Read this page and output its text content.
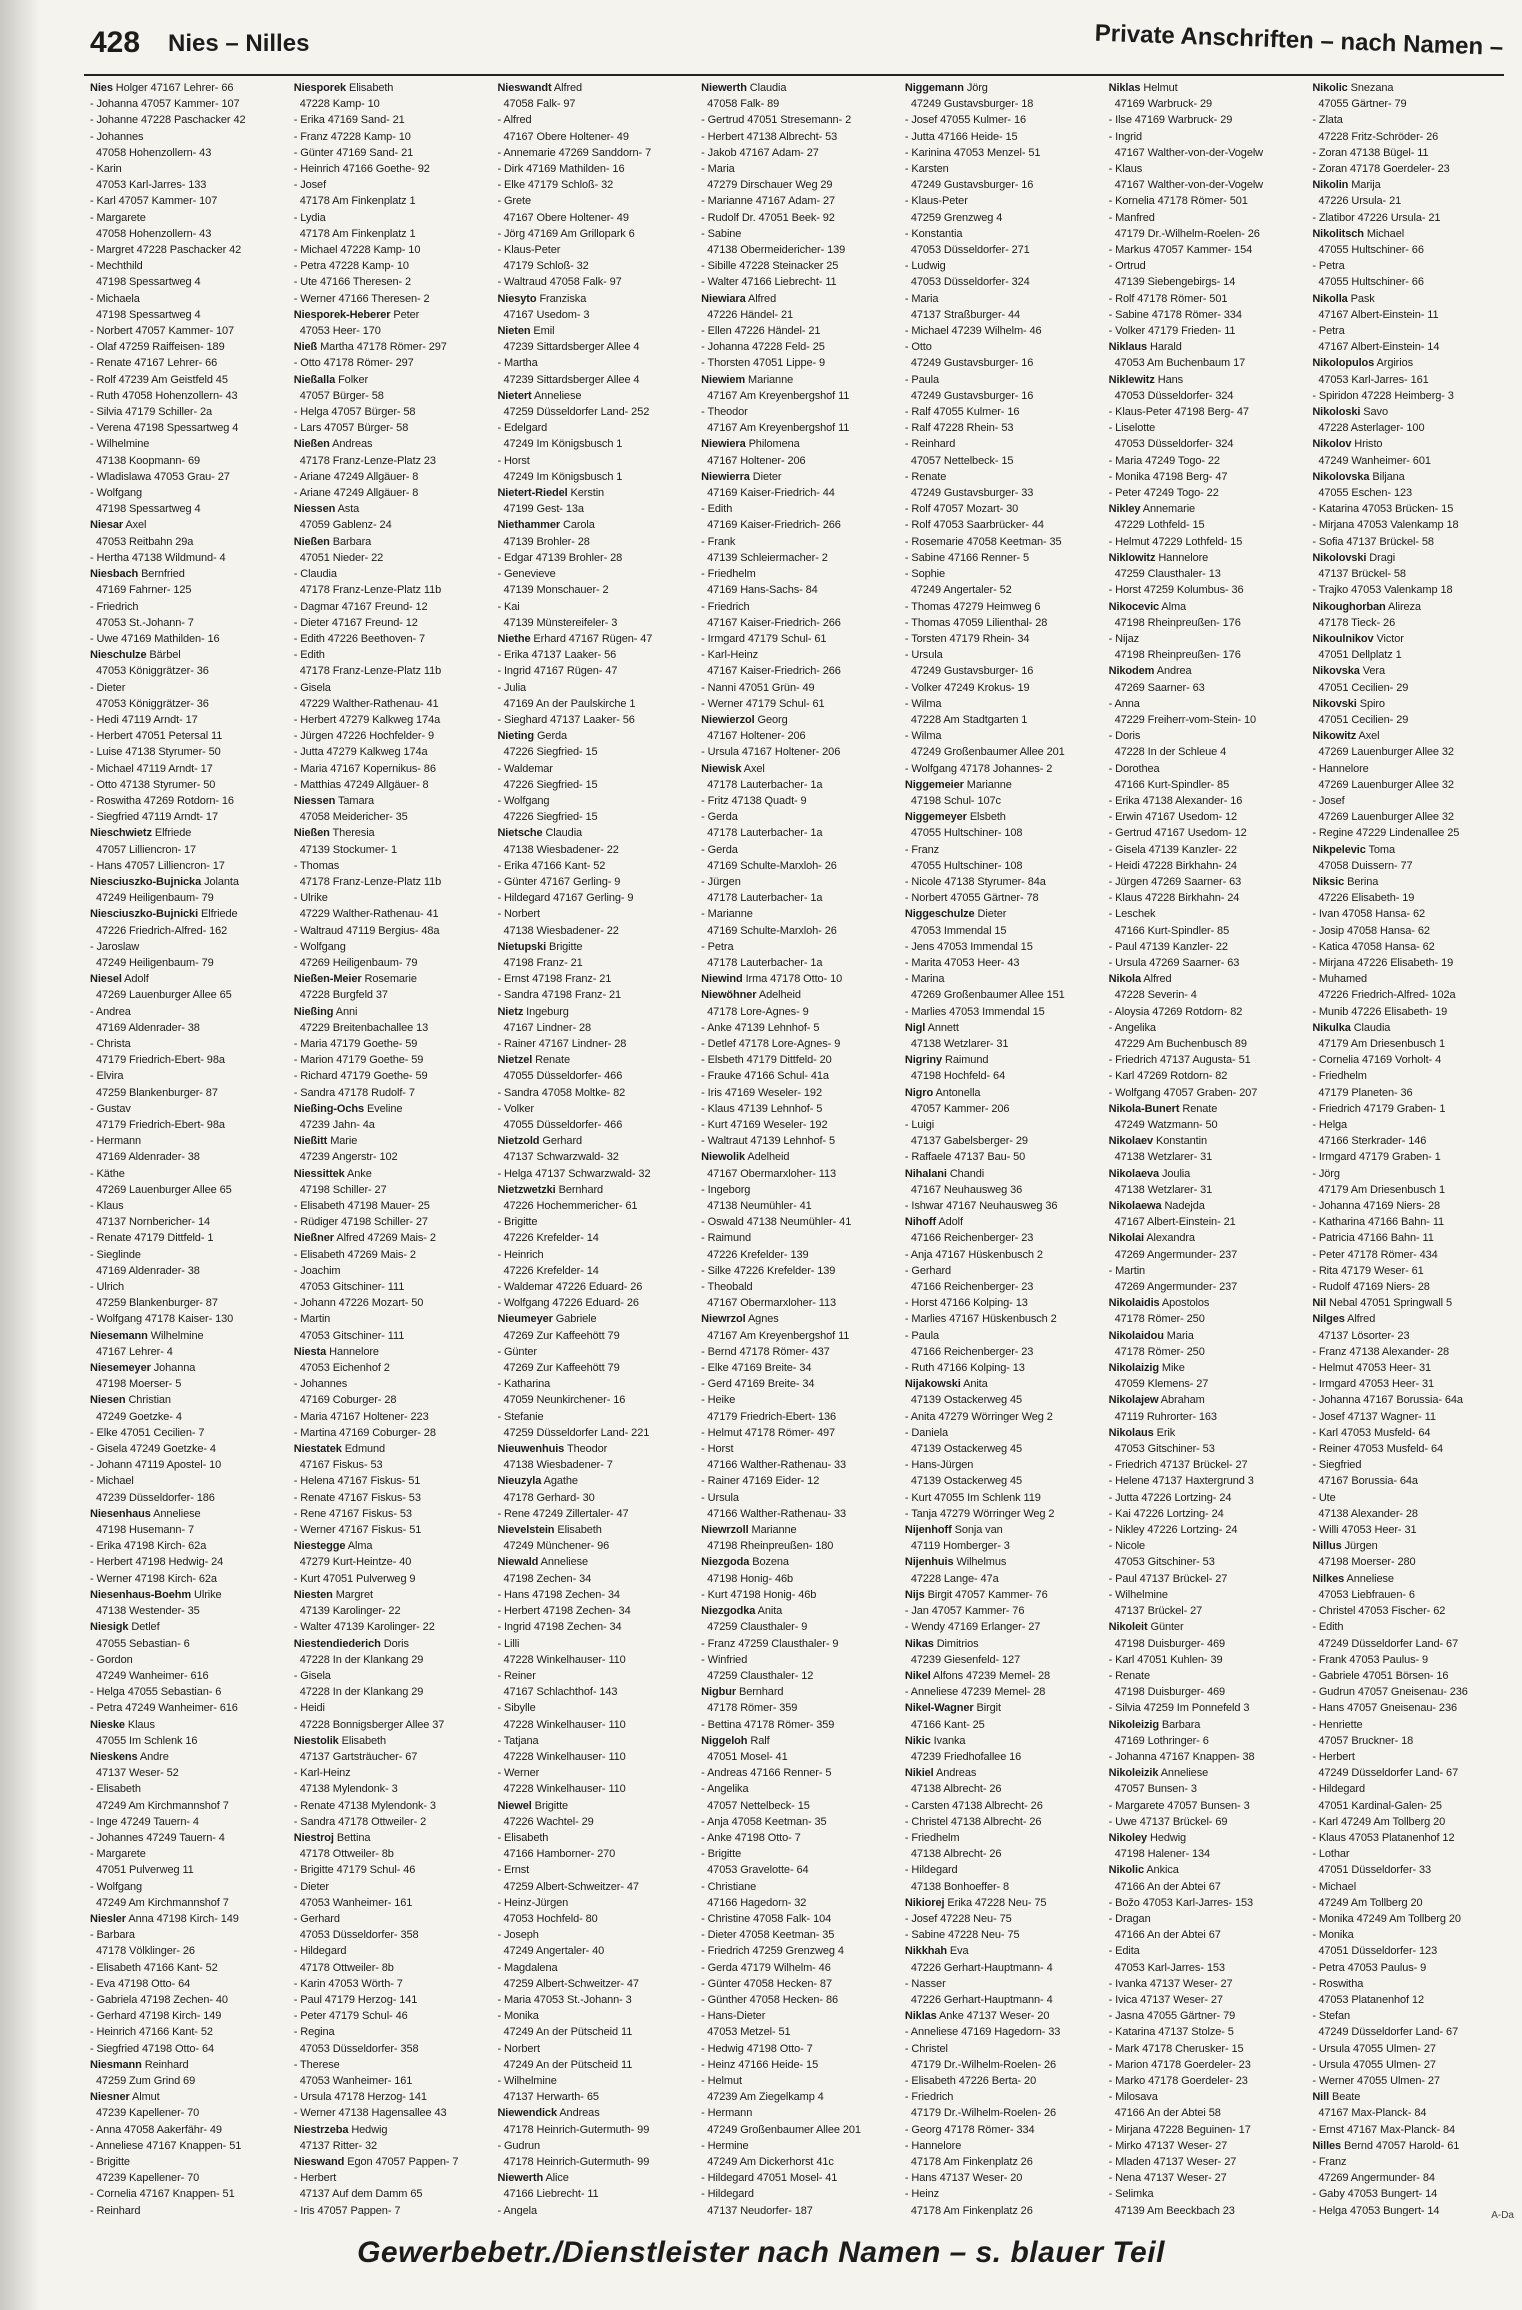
428 Nies – Nilles	Private Anschriften – nach Namen –
Nies Holger 47167 Lehrer- 66
- Johanna 47057 Kammer- 107
- Johanne 47228 Paschacker 42
- Johannes
47058 Hohenzollern- 43
- Karin
47053 Karl-Jarres- 133
- Karl 47057 Kammer- 107
- Margarete
47058 Hohenzollern- 43
- Margret 47228 Paschacker 42
- Mechthild
47198 Spessartweg 4
- Michaela
47198 Spessartweg 4
- Norbert 47057 Kammer- 107
- Olaf 47259 Raiffeisen- 189
- Renate 47167 Lehrer- 66
- Rolf 47239 Am Geistfeld 45
- Ruth 47058 Hohenzollern- 43
- Silvia 47179 Schiller- 2a
- Verena 47198 Spessartweg 4
- Wilhelmine
47138 Koopmann- 69
- Wladislawa 47053 Grau- 27
- Wolfgang
47198 Spessartweg 4
Niesar Axel
47053 Reitbahn 29a
- Hertha 47138 Wildmund- 4
Niesbach Bernfried
47169 Fahrner- 125
- Friedrich
47053 St.-Johann- 7
- Uwe 47169 Mathilden- 16
Nieschulze Bärbel
47053 Königgrätzer- 36
- Dieter
47053 Königgrätzer- 36
- Hedi 47119 Arndt- 17
- Herbert 47051 Petersal 11
- Luise 47138 Styrumer- 50
- Michael 47119 Arndt- 17
- Otto 47138 Styrumer- 50
- Roswitha 47269 Rotdorn- 16
- Siegfried 47119 Arndt- 17
Nieschwietz Elfriede
47057 Lilliencron- 17
- Hans 47057 Lilliencron- 17
Niesciuszko-Bujnicka Jolanta
47249 Heiligenbaum- 79
Niesciuszko-Bujnicki Elfriede
47226 Friedrich-Alfred- 162
- Jaroslaw
47249 Heiligenbaum- 79
Niesel Adolf
47269 Lauenburger Allee 65
- Andrea
47169 Aldenrader- 38
- Christa
47179 Friedrich-Ebert- 98a
- Elvira
47259 Blankenburger- 87
- Gustav
47179 Friedrich-Ebert- 98a
- Hermann
47169 Aldenrader- 38
- Käthe
47269 Lauenburger Allee 65
- Klaus
47137 Nornbericher- 14
- Renate 47179 Dittfeld- 1
- Sieglinde
47169 Aldenrader- 38
- Ulrich
47259 Blankenburger- 87
- Wolfgang 47178 Kaiser- 130
Niesemann Wilhelmine
47167 Lehrer- 4
Niesemeyer Johanna
47198 Moerser- 5
Niesen Christian
47249 Goetzke- 4
- Elke 47051 Cecilien- 7
- Gisela 47249 Goetzke- 4
- Johann 47119 Apostel- 10
- Michael
47239 Düsseldorfer- 186
Niesenhaus Anneliese
47198 Husemann- 7
- Erika 47198 Kirch- 62a
- Herbert 47198 Hedwig- 24
- Werner 47198 Kirch- 62a
Niesenhaus-Boehm Ulrike
47138 Westender- 35
Niesigk Detlef
47055 Sebastian- 6
- Gordon
47249 Wanheimer- 616
- Helga 47055 Sebastian- 6
- Petra 47249 Wanheimer- 616
Nieske Klaus
47055 Im Schlenk 16
Nieskens Andre
47137 Weser- 52
- Elisabeth
47249 Am Kirchmannshof 7
- Inge 47249 Tauern- 4
- Johannes 47249 Tauern- 4
- Margarete
47051 Pulverweg 11
- Wolfgang
47249 Am Kirchmannshof 7
Niesler Anna 47198 Kirch- 149
- Barbara
47178 Völklinger- 26
- Elisabeth 47166 Kant- 52
- Eva 47198 Otto- 64
- Gabriela 47198 Zechen- 40
- Gerhard 47198 Kirch- 149
- Heinrich 47166 Kant- 52
- Siegfried 47198 Otto- 64
Niesmann Reinhard
47259 Zum Grind 69
Niesner Almut
47239 Kapellener- 70
- Anna 47058 Aakerfähr- 49
- Anneliese 47167 Knappen- 51
- Brigitte
47239 Kapellener- 70
- Cornelia 47167 Knappen- 51
- Reinhard
Niesporek Elisabeth
47228 Kamp- 10
- Erika 47169 Sand- 21
- Franz 47228 Kamp- 10
- Günter 47169 Sand- 21
- Heinrich 47166 Goethe- 92
- Josef
47178 Am Finkenplatz 1
- Lydia
47178 Am Finkenplatz 1
- Michael 47228 Kamp- 10
- Petra 47228 Kamp- 10
- Ute 47166 Theresen- 2
- Werner 47166 Theresen- 2
Niesporek-Heberer Peter
47053 Heer- 170
Nieß Martha 47178 Römer- 297
- Otto 47178 Römer- 297
Nießalla Folker
47057 Bürger- 58
- Helga 47057 Bürger- 58
- Lars 47057 Bürger- 58
Nießen Andreas
47178 Franz-Lenze-Platz 23
- Ariane 47249 Allgäuer- 8
- Ariane 47249 Allgäuer- 8
Niessen Asta
47059 Gablenz- 24
Nießen Barbara
47051 Nieder- 22
- Claudia
47178 Franz-Lenze-Platz 11b
- Dagmar 47167 Freund- 12
- Dieter 47167 Freund- 12
- Edith 47226 Beethoven- 7
- Edith
47178 Franz-Lenze-Platz 11b
- Gisela
47229 Walther-Rathenau- 41
- Herbert 47279 Kalkweg 174a
- Jürgen 47226 Hochfelder- 9
- Jutta 47279 Kalkweg 174a
- Maria 47167 Kopernikus- 86
- Matthias 47249 Allgäuer- 8
Niessen Tamara
47058 Meidericher- 35
Nießen Theresia
47139 Stockumer- 1
- Thomas
47178 Franz-Lenze-Platz 11b
- Ulrike
47229 Walther-Rathenau- 41
- Waltraud 47119 Bergius- 48a
- Wolfgang
47269 Heiligenbaum- 79
Nießen-Meier Rosemarie
47228 Burgfeld 37
Nießing Anni
47229 Breitenbachallee 13
- Maria 47179 Goethe- 59
- Marion 47179 Goethe- 59
- Richard 47179 Goethe- 59
- Sandra 47178 Rudolf- 7
Nießing-Ochs Eveline
47239 Jahn- 4a
Nießitt Marie
47239 Angerstr- 102
Niessittek Anke
47198 Schiller- 27
- Elisabeth 47198 Mauer- 25
- Rüdiger 47198 Schiller- 27
Nießner Alfred 47269 Mais- 2
- Elisabeth 47269 Mais- 2
- Joachim
47053 Gitschiner- 111
- Johann 47226 Mozart- 50
- Martin
47053 Gitschiner- 111
Niesta Hannelore
47053 Eichenhof 2
- Johannes
47169 Coburger- 28
- Maria 47167 Holtener- 223
- Martina 47169 Coburger- 28
Niestatek Edmund
47167 Fiskus- 53
- Helena 47167 Fiskus- 51
- Renate 47167 Fiskus- 53
- Rene 47167 Fiskus- 53
- Werner 47167 Fiskus- 51
Niestegge Alma
47279 Kurt-Heintze- 40
- Kurt 47051 Pulverweg 9
Niesten Margret
47139 Karolinger- 22
- Walter 47139 Karolinger- 22
Niestendiederich Doris
47228 In der Klankang 29
- Gisela
47228 In der Klankang 29
- Heidi
47228 Bonnigsberger Allee 37
Niestolik Elisabeth
47137 Gartsträucher- 67
- Karl-Heinz
47138 Mylendonk- 3
- Renate 47138 Mylendonk- 3
- Sandra 47178 Ottweiler- 2
Niestroj Bettina
47178 Ottweiler- 8b
- Brigitte 47179 Schul- 46
- Dieter
47053 Wanheimer- 161
- Gerhard
47053 Düsseldorfer- 358
- Hildegard
47178 Ottweiler- 8b
- Karin 47053 Wörth- 7
- Paul 47179 Herzog- 141
- Peter 47179 Schul- 46
- Regina
47053 Düsseldorfer- 358
- Therese
47053 Wanheimer- 161
- Ursula 47178 Herzog- 141
- Werner 47138 Hagensallee 43
Niestrzeba Hedwig
47137 Ritter- 32
Nieswand Egon 47057 Pappen- 7
- Herbert
47137 Auf dem Damm 65
- Iris 47057 Pappen- 7
Nieswandt Alfred
47058 Falk- 97
- Alfred
47167 Obere Holtener- 49
- Annemarie 47269 Sanddorn- 7
- Dirk 47169 Mathilden- 16
- Elke 47179 Schloß- 32
- Grete
47167 Obere Holtener- 49
- Jörg 47169 Am Grillopark 6
- Klaus-Peter
47179 Schloß- 32
- Waltraud 47058 Falk- 97
Niesyto Franziska
47167 Usedom- 3
Nieten Emil
47239 Sittardsberger Allee 4
- Martha
47239 Sittardsberger Allee 4
Nietert Anneliese
47259 Düsseldorfer Land- 252
- Edelgard
47249 Im Königsbusch 1
- Horst
47249 Im Königsbusch 1
Nietert-Riedel Kerstin
47199 Gest- 13a
Niethammer Carola
47139 Brohler- 28
- Edgar 47139 Brohler- 28
- Genevieve
47139 Monschauer- 2
- Kai
47139 Münstereifeler- 3
Niethe Erhard 47167 Rügen- 47
- Erika 47137 Laaker- 56
- Ingrid 47167 Rügen- 47
- Julia
47169 An der Paulskirche 1
- Sieghard 47137 Laaker- 56
Nieting Gerda
47226 Siegfried- 15
- Waldemar
47226 Siegfried- 15
- Wolfgang
47226 Siegfried- 15
Nietsche Claudia
47138 Wiesbadener- 22
- Erika 47166 Kant- 52
- Günter 47167 Gerling- 9
- Hildegard 47167 Gerling- 9
- Norbert
47138 Wiesbadener- 22
Nietupski Brigitte
47198 Franz- 21
- Ernst 47198 Franz- 21
- Sandra 47198 Franz- 21
Nietz Ingeburg
47167 Lindner- 28
- Rainer 47167 Lindner- 28
Nietzel Renate
47055 Düsseldorfer- 466
- Sandra 47058 Moltke- 82
- Volker
47055 Düsseldorfer- 466
Nietzold Gerhard
47137 Schwarzwald- 32
- Helga 47137 Schwarzwald- 32
Nietzwetzki Bernhard
47226 Hochemmericher- 61
- Brigitte
47226 Krefelder- 14
- Heinrich
47226 Krefelder- 14
- Waldemar 47226 Eduard- 26
- Wolfgang 47226 Eduard- 26
Nieumeyer Gabriele
47269 Zur Kaffeehött 79
- Günter
47269 Zur Kaffeehött 79
- Katharina
47059 Neunkirchener- 16
- Stefanie
47259 Düsseldorfer Land- 221
Nieuwenhuis Theodor
47138 Wiesbadener- 7
Nieuzyla Agathe
47178 Gerhard- 30
- Rene 47249 Zillertaler- 47
Nievelstein Elisabeth
47249 Münchener- 96
Niewald Anneliese
47198 Zechen- 34
- Hans 47198 Zechen- 34
- Herbert 47198 Zechen- 34
- Ingrid 47198 Zechen- 34
- Lilli
47228 Winkelhauser- 110
- Reiner
47167 Schlachthof- 143
- Sibylle
47228 Winkelhauser- 110
- Tatjana
47228 Winkelhauser- 110
- Werner
47228 Winkelhauser- 110
Niewel Brigitte
47226 Wachtel- 29
- Elisabeth
47166 Hamborner- 270
- Ernst
47259 Albert-Schweitzer- 47
- Heinz-Jürgen
47053 Hochfeld- 80
- Joseph
47249 Angertaler- 40
- Magdalena
47259 Albert-Schweitzer- 47
- Maria 47053 St.-Johann- 3
- Monika
47249 An der Pütscheid 11
- Norbert
47249 An der Pütscheid 11
- Wilhelmine
47137 Herwarth- 65
Niewendick Andreas
47178 Heinrich-Gutermuth- 99
- Gudrun
47178 Heinrich-Gutermuth- 99
Niewerth Alice
47166 Liebrecht- 11
- Angela
Niewerth Claudia
47058 Falk- 89
- Gertrud 47051 Stresemann- 2
- Herbert 47138 Albrecht- 53
- Jakob 47167 Adam- 27
- Maria
47279 Dirschauer Weg 29
- Marianne 47167 Adam- 27
- Rudolf Dr. 47051 Beek- 92
- Sabine
47138 Obermeidericher- 139
- Sibille 47228 Steinacker 25
- Walter 47166 Liebrecht- 11
Niewiara Alfred
47226 Händel- 21
- Ellen 47226 Händel- 21
- Johanna 47228 Feld- 25
- Thorsten 47051 Lippe- 9
Niewiem Marianne
47167 Am Kreyenbergshof 11
- Theodor
47167 Am Kreyenbergshof 11
Niewiera Philomena
47167 Holtener- 206
Niewierra Dieter
47169 Kaiser-Friedrich- 44
- Edith
47169 Kaiser-Friedrich- 266
- Frank
47139 Schleiermacher- 2
- Friedhelm
47169 Hans-Sachs- 84
- Friedrich
47167 Kaiser-Friedrich- 266
- Irmgard 47179 Schul- 61
- Karl-Heinz
47167 Kaiser-Friedrich- 266
- Nanni 47051 Grün- 49
- Werner 47179 Schul- 61
Niewierzol Georg
47167 Holtener- 206
- Ursula 47167 Holtener- 206
Niewisk Axel
47178 Lauterbacher- 1a
- Fritz 47138 Quadt- 9
- Gerda
47178 Lauterbacher- 1a
- Gerda
47169 Schulte-Marxloh- 26
- Jürgen
47178 Lauterbacher- 1a
- Marianne
47169 Schulte-Marxloh- 26
- Petra
47178 Lauterbacher- 1a
Niewind Irma 47178 Otto- 10
Niewöhner Adelheid
47178 Lore-Agnes- 9
- Anke 47139 Lehnhof- 5
- Detlef 47178 Lore-Agnes- 9
- Elsbeth 47179 Dittfeld- 20
- Frauke 47166 Schul- 41a
- Iris 47169 Weseler- 192
- Klaus 47139 Lehnhof- 5
- Kurt 47169 Weseler- 192
- Waltraut 47139 Lehnhof- 5
Niewolik Adelheid
47167 Obermarxloher- 113
- Ingeborg
47138 Neumühler- 41
- Oswald 47138 Neumühler- 41
- Raimund
47226 Krefelder- 139
- Silke 47226 Krefelder- 139
- Theobald
47167 Obermarxloher- 113
Niewrzol Agnes
47167 Am Kreyenbergshof 11
- Bernd 47178 Römer- 437
- Elke 47169 Breite- 34
- Gerd 47169 Breite- 34
- Heike
47179 Friedrich-Ebert- 136
- Helmut 47178 Römer- 497
- Horst
47166 Walther-Rathenau- 33
- Rainer 47169 Eider- 12
- Ursula
47166 Walther-Rathenau- 33
Niewrzoll Marianne
47198 Rheinpreußen- 180
Niezgoda Bozena
47198 Honig- 46b
- Kurt 47198 Honig- 46b
Niezgodka Anita
47259 Clausthaler- 9
- Franz 47259 Clausthaler- 9
- Winfried
47259 Clausthaler- 12
Nigbur Bernhard
47178 Römer- 359
- Bettina 47178 Römer- 359
Niggeloh Ralf
47051 Mosel- 41
- Andreas 47166 Renner- 5
- Angelika
47057 Nettelbeck- 15
- Anja 47058 Keetman- 35
- Anke 47198 Otto- 7
- Brigitte
47053 Gravelotte- 64
- Christiane
47166 Hagedorn- 32
- Christine 47058 Falk- 104
- Dieter 47058 Keetman- 35
- Friedrich 47259 Grenzweg 4
- Gerda 47179 Wilhelm- 46
- Günter 47058 Hecken- 87
- Günther 47058 Hecken- 86
- Hans-Dieter
47053 Metzel- 51
- Hedwig 47198 Otto- 7
- Heinz 47166 Heide- 15
- Helmut
47239 Am Ziegelkamp 4
- Hermann
47249 Großenbaumer Allee 201
- Hermine
47249 Am Dickerhorst 41c
- Hildegard 47051 Mosel- 41
- Hildegard
47137 Neudorfer- 187
Niggemann Jörg
47249 Gustavsburger- 18
- Josef 47055 Kulmer- 16
- Jutta 47166 Heide- 15
- Karinina 47053 Menzel- 51
- Karsten
47249 Gustavsburger- 16
- Klaus-Peter
47259 Grenzweg 4
- Konstantia
47053 Düsseldorfer- 271
- Ludwig
47053 Düsseldorfer- 324
- Maria
47137 Straßburger- 44
- Michael 47239 Wilhelm- 46
- Otto
47249 Gustavsburger- 16
- Paula
47249 Gustavsburger- 16
- Ralf 47055 Kulmer- 16
- Ralf 47228 Rhein- 53
- Reinhard
47057 Nettelbeck- 15
- Renate
47249 Gustavsburger- 33
- Rolf 47057 Mozart- 30
- Rolf 47053 Saarbrücker- 44
- Rosemarie 47058 Keetman- 35
- Sabine 47166 Renner- 5
- Sophie
47249 Angertaler- 52
- Thomas 47279 Heimweg 6
- Thomas 47059 Lilienthal- 28
- Torsten 47179 Rhein- 34
- Ursula
47249 Gustavsburger- 16
- Volker 47249 Krokus- 19
- Wilma
47228 Am Stadtgarten 1
- Wilma
47249 Großenbaumer Allee 201
- Wolfgang 47178 Johannes- 2
Niggemeier Marianne
47198 Schul- 107c
Niggemeyer Elsbeth
47055 Hultschiner- 108
- Franz
47055 Hultschiner- 108
- Nicole 47138 Styrumer- 84a
- Norbert 47055 Gärtner- 78
Niggeschulze Dieter
47053 Immendal 15
- Jens 47053 Immendal 15
- Marita 47053 Heer- 43
- Marina
47269 Großenbaumer Allee 151
- Marlies 47053 Immendal 15
Nigl Annett
47138 Wetzlarer- 31
Nigriny Raimund
47198 Hochfeld- 64
Nigro Antonella
47057 Kammer- 206
- Luigi
47137 Gabelsberger- 29
- Raffaele 47137 Bau- 50
Nihalani Chandi
47167 Neuhausweg 36
- Ishwar 47167 Neuhausweg 36
Nihoff Adolf
47166 Reichenberger- 23
- Anja 47167 Hüskenbusch 2
- Gerhard
47166 Reichenberger- 23
- Horst 47166 Kolping- 13
- Marlies 47167 Hüskenbusch 2
- Paula
47166 Reichenberger- 23
- Ruth 47166 Kolping- 13
Nijakowski Anita
47139 Ostackerweg 45
- Anita 47279 Wörringer Weg 2
- Daniela
47139 Ostackerweg 45
- Hans-Jürgen
47139 Ostackerweg 45
- Kurt 47055 Im Schlenk 119
- Tanja 47279 Wörringer Weg 2
Nijenhoff Sonja van
47119 Homberger- 3
Nijenhuis Wilhelmus
47228 Lange- 47a
Nijs Birgit 47057 Kammer- 76
- Jan 47057 Kammer- 76
- Wendy 47169 Erlanger- 27
Nikas Dimitrios
47239 Giesenfeld- 127
Nikel Alfons 47239 Memel- 28
- Anneliese 47239 Memel- 28
Nikel-Wagner Birgit
47166 Kant- 25
Nikic Ivanka
47239 Friedhofallee 16
Nikiel Andreas
47138 Albrecht- 26
- Carsten 47138 Albrecht- 26
- Christel 47138 Albrecht- 26
- Friedhelm
47138 Albrecht- 26
- Hildegard
47138 Bonhoeffer- 8
Nikiorej Erika 47228 Neu- 75
- Josef 47228 Neu- 75
- Sabine 47228 Neu- 75
Nikkhah Eva
47226 Gerhart-Hauptmann- 4
- Nasser
47226 Gerhart-Hauptmann- 4
Niklas Anke 47137 Weser- 20
- Anneliese 47169 Hagedorn- 33
- Christel
47179 Dr.-Wilhelm-Roelen- 26
- Elisabeth 47226 Berta- 20
- Friedrich
47179 Dr.-Wilhelm-Roelen- 26
- Georg 47178 Römer- 334
- Hannelore
47178 Am Finkenplatz 26
- Hans 47137 Weser- 20
- Heinz
47178 Am Finkenplatz 26
Niklas Helmut
47169 Warbruck- 29
- Ilse 47169 Warbruck- 29
- Ingrid
47167 Walther-von-der-Vogelw
- Klaus
47167 Walther-von-der-Vogelw
- Kornelia 47178 Römer- 501
- Manfred
47179 Dr.-Wilhelm-Roelen- 26
- Markus 47057 Kammer- 154
- Ortrud
47139 Siebengebirgs- 14
- Rolf 47178 Römer- 501
- Sabine 47178 Römer- 334
- Volker 47179 Frieden- 11
Niklaus Harald
47053 Am Buchenbaum 17
Niklewitz Hans
47053 Düsseldorfer- 324
- Klaus-Peter 47198 Berg- 47
- Liselotte
47053 Düsseldorfer- 324
- Maria 47249 Togo- 22
- Monika 47198 Berg- 47
- Peter 47249 Togo- 22
Nikley Annemarie
47229 Lothfeld- 15
- Helmut 47229 Lothfeld- 15
Niklowitz Hannelore
47259 Clausthaler- 13
- Horst 47259 Kolumbus- 36
Nikocevic Alma
47198 Rheinpreußen- 176
- Nijaz
47198 Rheinpreußen- 176
Nikodem Andrea
47269 Saarner- 63
- Anna
47229 Freiherr-vom-Stein- 10
- Doris
47228 In der Schleue 4
- Dorothea
47166 Kurt-Spindler- 85
- Erika 47138 Alexander- 16
- Erwin 47167 Usedom- 12
- Gertrud 47167 Usedom- 12
- Gisela 47139 Kanzler- 22
- Heidi 47228 Birkhahn- 24
- Jürgen 47269 Saarner- 63
- Klaus 47228 Birkhahn- 24
- Leschek
47166 Kurt-Spindler- 85
- Paul 47139 Kanzler- 22
- Ursula 47269 Saarner- 63
Nikola Alfred
47228 Severin- 4
- Aloysia 47269 Rotdorn- 82
- Angelika
47229 Am Buchenbusch 89
- Friedrich 47137 Augusta- 51
- Karl 47269 Rotdorn- 82
- Wolfgang 47057 Graben- 207
Nikola-Bunert Renate
47249 Watzmann- 50
Nikolaev Konstantin
47138 Wetzlarer- 31
Nikolaeva Joulia
47138 Wetzlarer- 31
Nikolaewa Nadejda
47167 Albert-Einstein- 21
Nikolai Alexandra
47269 Angermunder- 237
- Martin
47269 Angermunder- 237
Nikolaidis Apostolos
47178 Römer- 250
Nikolaidou Maria
47178 Römer- 250
Nikolaizig Mike
47059 Klemens- 27
Nikolajew Abraham
47119 Ruhrorter- 163
Nikolaus Erik
47053 Gitschiner- 53
- Friedrich 47137 Brückel- 27
- Helene 47137 Haxtergrund 3
- Jutta 47226 Lortzing- 24
- Kai 47226 Lortzing- 24
- Nikley 47226 Lortzing- 24
- Nicole
47053 Gitschiner- 53
- Paul 47137 Brückel- 27
- Wilhelmine
47137 Brückel- 27
Nikoleit Günter
47198 Duisburger- 469
- Karl 47051 Kuhlen- 39
- Renate
47198 Duisburger- 469
- Silvia 47259 Im Ponnefeld 3
Nikoleizig Barbara
47169 Lothringer- 6
- Johanna 47167 Knappen- 38
Nikoleizik Anneliese
47057 Bunsen- 3
- Margarete 47057 Bunsen- 3
- Uwe 47137 Brückel- 69
Nikoley Hedwig
47198 Halener- 134
Nikolic Ankica
47166 An der Abtei 67
- Božo 47053 Karl-Jarres- 153
- Dragan
47166 An der Abtei 67
- Edita
47053 Karl-Jarres- 153
- Ivanka 47137 Weser- 27
- Ivica 47137 Weser- 27
- Jasna 47055 Gärtner- 79
- Katarina 47137 Stolze- 5
- Mark 47178 Cherusker- 15
- Marion 47178 Goerdeler- 23
- Marko 47178 Goerdeler- 23
- Milosava
47166 An der Abtei 58
- Mirjana 47228 Beguinen- 17
- Mirko 47137 Weser- 27
- Mladen 47137 Weser- 27
- Nena 47137 Weser- 27
- Selimka
47139 Am Beeckbach 23
Nikolic Snezana
47055 Gärtner- 79
- Zlata
47228 Fritz-Schröder- 26
- Zoran 47138 Bügel- 11
- Zoran 47178 Goerdeler- 23
Nikolin Marija
47226 Ursula- 21
- Zlatibor 47226 Ursula- 21
Nikolitsch Michael
47055 Hultschiner- 66
- Petra
47055 Hultschiner- 66
Nikolla Pask
47167 Albert-Einstein- 11
- Petra
47167 Albert-Einstein- 14
Nikolopulos Argirios
47053 Karl-Jarres- 161
- Spiridon 47228 Heimberg- 3
Nikoloski Savo
47228 Asterlager- 100
Nikolov Hristo
47249 Wanheimer- 601
Nikolovska Biljana
47055 Eschen- 123
- Katarina 47053 Brücken- 15
- Mirjana 47053 Valenkamp 18
- Sofia 47137 Brückel- 58
Nikolovski Dragi
47137 Brückel- 58
- Trajko 47053 Valenkamp 18
Nikoughorban Alireza
47178 Tieck- 26
Nikoulnikov Victor
47051 Dellplatz 1
Nikovska Vera
47051 Cecilien- 29
Nikovski Spiro
47051 Cecilien- 29
Nikowitz Axel
47269 Lauenburger Allee 32
- Hannelore
47269 Lauenburger Allee 32
- Josef
47269 Lauenburger Allee 32
- Regine 47229 Lindenallee 25
Nikpelevic Toma
47058 Duissern- 77
Niksic Berina
47226 Elisabeth- 19
- Ivan 47058 Hansa- 62
- Josip 47058 Hansa- 62
- Katica 47058 Hansa- 62
- Mirjana 47226 Elisabeth- 19
- Muhamed
47226 Friedrich-Alfred- 102a
- Munib 47226 Elisabeth- 19
Nikulka Claudia
47179 Am Driesenbusch 1
- Cornelia 47169 Vorholt- 4
- Friedhelm
47179 Planeten- 36
- Friedrich 47179 Graben- 1
- Helga
47166 Sterkrader- 146
- Irmgard 47179 Graben- 1
- Jörg
47179 Am Driesenbusch 1
- Johanna 47169 Niers- 28
- Katharina 47166 Bahn- 11
- Patricia 47166 Bahn- 11
- Peter 47178 Römer- 434
- Rita 47179 Weser- 61
- Rudolf 47169 Niers- 28
Nil Nebal 47051 Springwall 5
Nilges Alfred
47137 Lösorter- 23
- Franz 47138 Alexander- 28
- Helmut 47053 Heer- 31
- Irmgard 47053 Heer- 31
- Johanna 47167 Borussia- 64a
- Josef 47137 Wagner- 11
- Karl 47053 Musfeld- 64
- Reiner 47053 Musfeld- 64
- Siegfried
47167 Borussia- 64a
- Ute
47138 Alexander- 28
- Willi 47053 Heer- 31
Nillus Jürgen
47198 Moerser- 280
Nilkes Anneliese
47053 Liebfrauen- 6
- Christel 47053 Fischer- 62
- Edith
47249 Düsseldorfer Land- 67
- Frank 47053 Paulus- 9
- Gabriele 47051 Börsen- 16
- Gudrun 47057 Gneisenau- 236
- Hans 47057 Gneisenau- 236
- Henriette
47057 Bruckner- 18
- Herbert
47249 Düsseldorfer Land- 67
- Hildegard
47051 Kardinal-Galen- 25
- Karl 47249 Am Tollberg 20
- Klaus 47053 Platanenhof 12
- Lothar
47051 Düsseldorfer- 33
- Michael
47249 Am Tollberg 20
- Monika 47249 Am Tollberg 20
- Monika
47051 Düsseldorfer- 123
- Petra 47053 Paulus- 9
- Roswitha
47053 Platanenhof 12
- Stefan
47249 Düsseldorfer Land- 67
- Ursula 47055 Ulmen- 27
- Ursula 47055 Ulmen- 27
- Werner 47055 Ulmen- 27
Nill Beate
47167 Max-Planck- 84
- Ernst 47167 Max-Planck- 84
Nilles Bernd 47057 Harold- 61
- Franz
47269 Angermunder- 84
- Gaby 47053 Bungert- 14
- Helga 47053 Bungert- 14
Gewerbebetr./Dienstleister nach Namen – s. blauer Teil
A-Da
